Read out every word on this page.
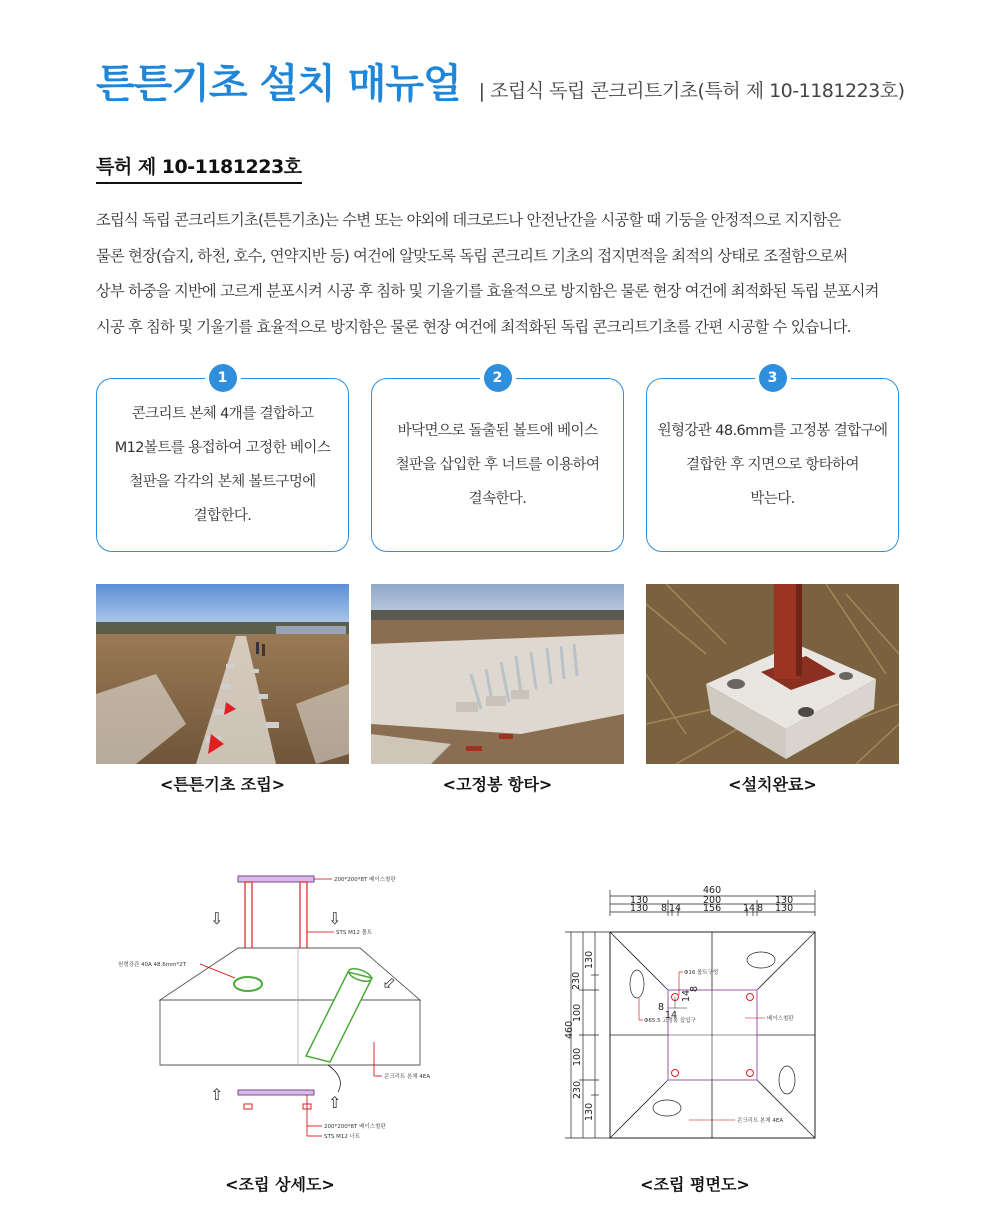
튼튼기초 설치 매뉴얼 | 조립식 독립 콘크리트기초(특허 제 10-1181223호)
특허 제 10-1181223호
조립식 독립 콘크리트기초(튼튼기초)는 수변 또는 야외에 데크로드나 안전난간을 시공할 때 기둥을 안정적으로 지지함은
물론 현장(습지, 하천, 호수, 연약지반 등) 여건에 알맞도록 독립 콘크리트 기초의 접지면적을 최적의 상태로 조절함으로써
상부 하중을 지반에 고르게 분포시켜 시공 후 침하 및 기울기를 효율적으로 방지함은 물론 현장 여건에 최적화된 독립 분포시켜
시공 후 침하 및 기울기를 효율적으로 방지함은 물론 현장 여건에 최적화된 독립 콘크리트기초를 간편 시공할 수 있습니다.
1
콘크리트 본체 4개를 결합하고
M12볼트를 용접하여 고정한 베이스
철판을 각각의 본체 볼트구멍에
결합한다.
2
바닥면으로 돌출된 볼트에 베이스
철판을 삽입한 후 너트를 이용하여
결속한다.
3
원형강관 48.6mm를 고정봉 결합구에
결합한 후 지면으로 항타하여
박는다.
<튼튼기초 조립>	<고정봉 항타>	<설치완료>
200*200*8T 베이스철판
STS M12 볼트
⇩	⇩
원형강관 40A 48.6mm*2T
⇩
콘크리트 본체 4EA
⇧	⇧
200*200*8T 베이스철판
STS M12 너트
460
130	200	130
130 8 14 156 14 8 130
460
230
100
100
230
130
130
8
14
14
8
Φ16 볼트구멍
Φ65.5 고정봉 삽입구	베이스철판
콘크리트 본체 4EA
<조립 상세도>	<조립 평면도>
